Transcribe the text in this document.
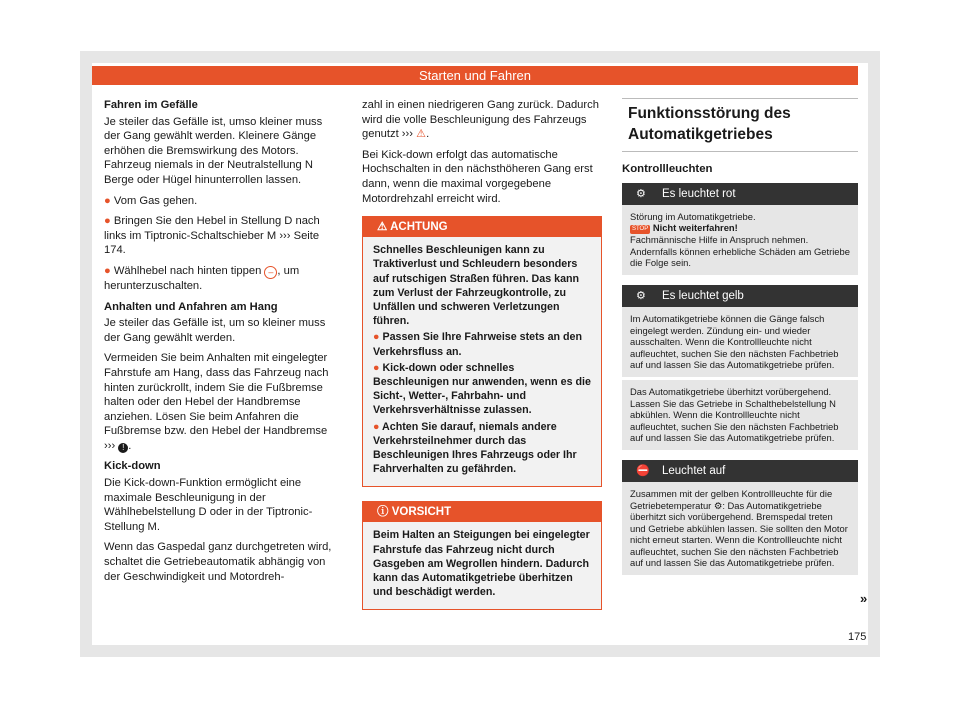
Starten und Fahren

Fahren im Gefälle

Je steiler das Gefälle ist, umso kleiner muss der Gang gewählt werden. Kleinere Gänge erhöhen die Bremswirkung des Motors. Fahrzeug niemals in der Neutralstellung N Berge oder Hügel hinunterrollen lassen.

● Vom Gas gehen.

● Bringen Sie den Hebel in Stellung D nach links im Tiptronic-Schaltschieber M ››› Seite 174.

● Wählhebel nach hinten tippen – , um herunterzuschalten.

Anhalten und Anfahren am Hang

Je steiler das Gefälle ist, um so kleiner muss der Gang gewählt werden.

Vermeiden Sie beim Anhalten mit eingelegter Fahrstufe am Hang, dass das Fahrzeug nach hinten zurückrollt, indem Sie die Fußbremse halten oder den Hebel der Handbremse anziehen. Lösen Sie beim Anfahren die Fußbremse bzw. den Hebel der Handbremse ››› ! .

Kick-down

Die Kick-down-Funktion ermöglicht eine maximale Beschleunigung in der Wählhebelstellung D oder in der Tiptronic-Stellung M.

Wenn das Gaspedal ganz durchgetreten wird, schaltet die Getriebeautomatik abhängig von der Geschwindigkeit und Motordreh-

zahl in einen niedrigeren Gang zurück. Dadurch wird die volle Beschleunigung des Fahrzeugs genutzt ››› ⚠.

Bei Kick-down erfolgt das automatische Hochschalten in den nächsthöheren Gang erst dann, wenn die maximal vorgegebene Motordrehzahl erreicht wird.

⚠ ACHTUNG

Schnelles Beschleunigen kann zu Traktiverlust und Schleudern besonders auf rutschigen Straßen führen. Das kann zum Verlust der Fahrzeugkontrolle, zu Unfällen und schweren Verletzungen führen.

● Passen Sie Ihre Fahrweise stets an den Verkehrsfluss an.

● Kick-down oder schnelles Beschleunigen nur anwenden, wenn es die Sicht-, Wetter-, Fahrbahn- und Verkehrsverhältnisse zulassen.

● Achten Sie darauf, niemals andere Verkehrsteilnehmer durch das Beschleunigen Ihres Fahrzeugs oder Ihr Fahrverhalten zu gefährden.

ⓘ VORSICHT

Beim Halten an Steigungen bei eingelegter Fahrstufe das Fahrzeug nicht durch Gasgeben am Wegrollen hindern. Dadurch kann das Automatikgetriebe überhitzen und beschädigt werden.

Funktionsstörung des Automatikgetriebes

Kontrollleuchten

⚙ Es leuchtet rot
Störung im Automatikgetriebe.
STOP Nicht weiterfahren!
Fachmännische Hilfe in Anspruch nehmen. Andernfalls können erhebliche Schäden am Getriebe die Folge sein.
⚙ Es leuchtet gelb
Im Automatikgetriebe können die Gänge falsch eingelegt werden. Zündung ein- und wieder ausschalten. Wenn die Kontrollleuchte nicht aufleuchtet, suchen Sie den nächsten Fachbetrieb auf und lassen Sie das Automatikgetriebe prüfen.
Das Automatikgetriebe überhitzt vorübergehend. Lassen Sie das Getriebe in Schalthebelstellung N abkühlen. Wenn die Kontrollleuchte nicht aufleuchtet, suchen Sie den nächsten Fachbetrieb auf und lassen Sie das Automatikgetriebe prüfen.
⛔ Leuchtet auf
Zusammen mit der gelben Kontrollleuchte für die Getriebetemperatur ⚙: Das Automatikgetriebe überhitzt sich vorübergehend. Bremspedal treten und Getriebe abkühlen lassen. Sie sollten den Motor nicht erneut starten. Wenn die Kontrollleuchte nicht aufleuchtet, suchen Sie den nächsten Fachbetrieb auf und lassen Sie das Automatikgetriebe prüfen.
»
175
